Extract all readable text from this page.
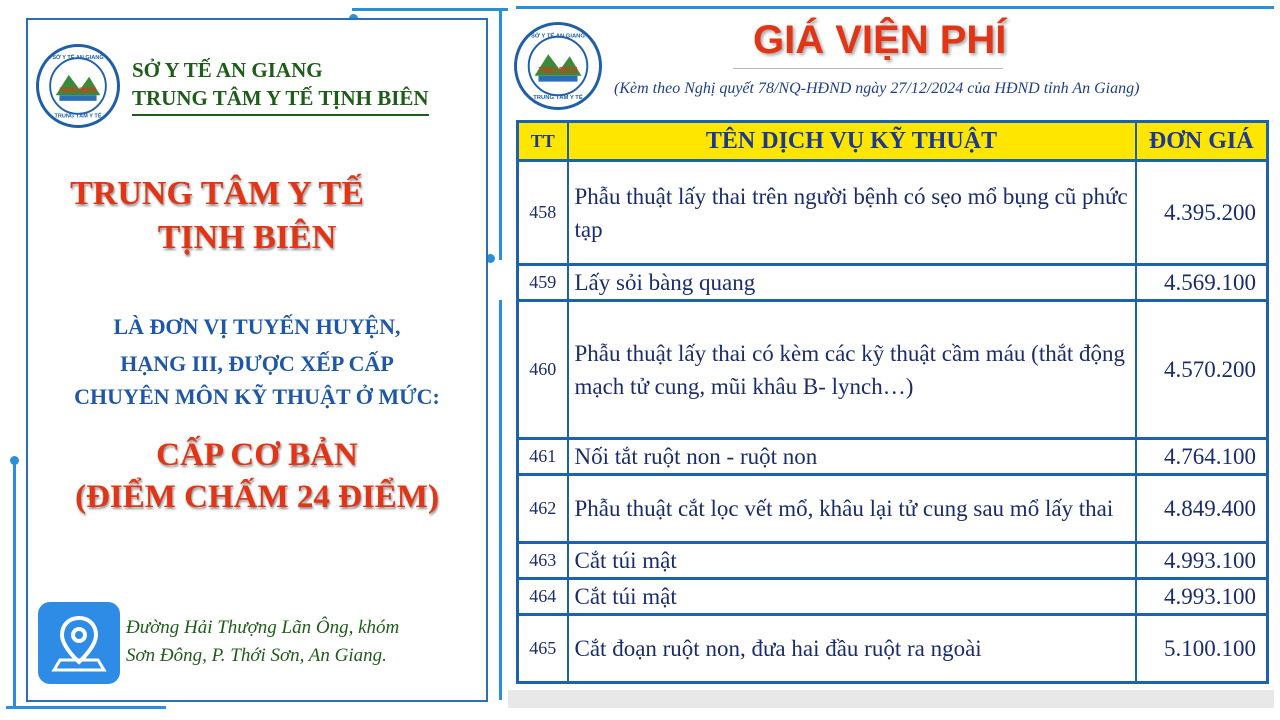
TỊNH BIÊN
SỞ Y TẾ AN GIANG
TRUNG TÂM Y TẾ
SỞ Y TẾ AN GIANG
TRUNG TÂM Y TẾ TỊNH BIÊN
TRUNG TÂM Y TẾ
TỊNH BIÊN
LÀ ĐƠN VỊ TUYẾN HUYỆN,
HẠNG III, ĐƯỢC XẾP CẤP
CHUYÊN MÔN KỸ THUẬT Ở MỨC:
CẤP CƠ BẢN
(ĐIỂM CHẤM 24 ĐIỂM)
Đường Hải Thượng Lãn Ông, khóm
Sơn Đông, P. Thới Sơn, An Giang.
TỊNH BIÊN
SỞ Y TẾ AN GIANG
TRUNG TÂM Y TẾ
GIÁ VIỆN PHÍ
(Kèm theo Nghị quyết 78/NQ-HĐND ngày 27/12/2024 của HĐND tỉnh An Giang)
TT	TÊN DỊCH VỤ KỸ THUẬT	ĐƠN GIÁ
458	Phẫu thuật lấy thai trên người bệnh có sẹo mổ bụng cũ phức tạp	4.395.200
459	Lấy sỏi bàng quang	4.569.100
460	Phẫu thuật lấy thai có kèm các kỹ thuật cầm máu (thắt động mạch tử cung, mũi khâu B- lynch…)	4.570.200
461	Nối tắt ruột non - ruột non	4.764.100
462	Phẫu thuật cắt lọc vết mổ, khâu lại tử cung sau mổ lấy thai	4.849.400
463	Cắt túi mật	4.993.100
464	Cắt túi mật	4.993.100
465	Cắt đoạn ruột non, đưa hai đầu ruột ra ngoài	5.100.100
